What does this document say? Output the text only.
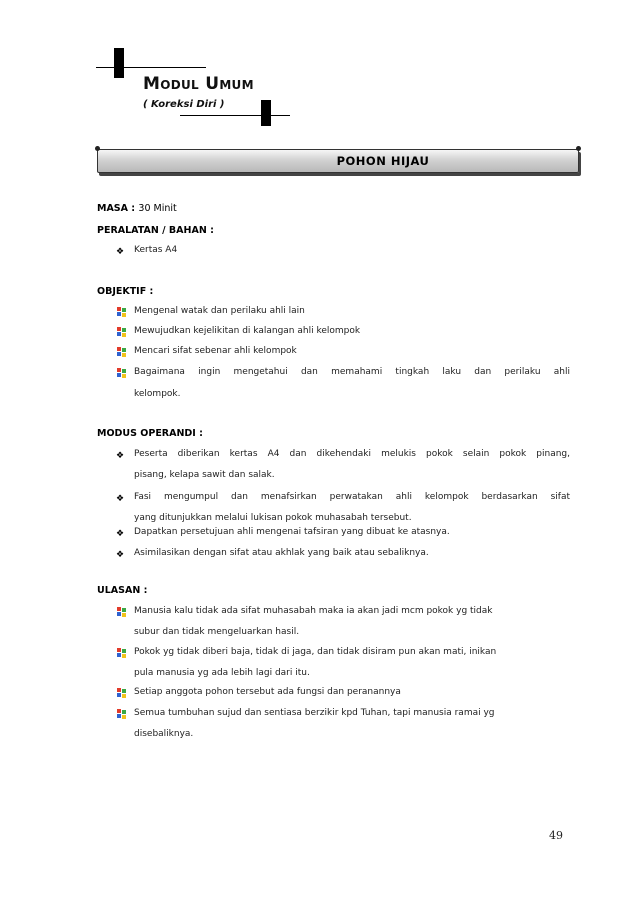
MODUL UMUM
( Koreksi Diri )
POHON HIJAU
MASA : 30 Minit
PERALATAN / BAHAN :
❖ Kertas A4
OBJEKTIF :
Mengenal watak dan perilaku ahli lain
Mewujudkan kejelikitan di kalangan ahli kelompok
Mencari sifat sebenar ahli kelompok
Bagaimana ingin mengetahui dan memahami tingkah laku dan perilaku ahli
kelompok.
MODUS OPERANDI :
❖ Peserta diberikan kertas A4 dan dikehendaki melukis pokok selain pokok pinang,
pisang, kelapa sawit dan salak.
❖ Fasi mengumpul dan menafsirkan perwatakan ahli kelompok berdasarkan sifat
yang ditunjukkan melalui lukisan pokok muhasabah tersebut.
❖ Dapatkan persetujuan ahli mengenai tafsiran yang dibuat ke atasnya.
❖ Asimilasikan dengan sifat atau akhlak yang baik atau sebaliknya.
ULASAN :
Manusia kalu tidak ada sifat muhasabah maka ia akan jadi mcm pokok yg tidak
subur dan tidak mengeluarkan hasil.
Pokok yg tidak diberi baja, tidak di jaga, dan tidak disiram pun akan mati, inikan
pula manusia yg ada lebih lagi dari itu.
Setiap anggota pohon tersebut ada fungsi dan peranannya
Semua tumbuhan sujud dan sentiasa berzikir kpd Tuhan, tapi manusia ramai yg
disebaliknya.
49
